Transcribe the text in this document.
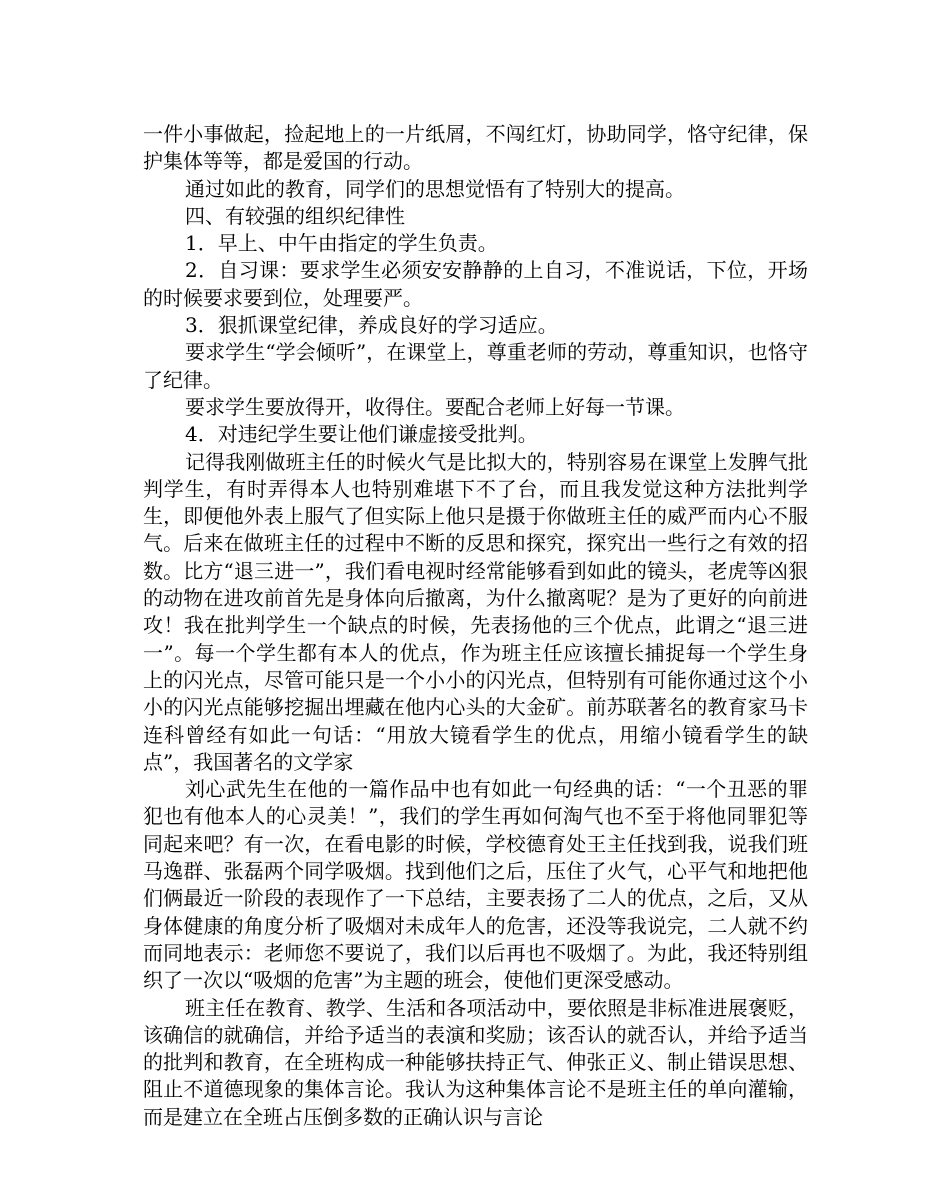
一件小事做起，捡起地上的一片纸屑，不闯红灯，协助同学，恪守纪律，保护集体等等，都是爱国的行动。

通过如此的教育，同学们的思想觉悟有了特别大的提高。

四、有较强的组织纪律性

1．早上、中午由指定的学生负责。

2．自习课：要求学生必须安安静静的上自习，不准说话，下位，开场的时候要求要到位，处理要严。

3．狠抓课堂纪律，养成良好的学习适应。

要求学生“学会倾听”，在课堂上，尊重老师的劳动，尊重知识，也恪守了纪律。

要求学生要放得开，收得住。要配合老师上好每一节课。

4．对违纪学生要让他们谦虚接受批判。

记得我刚做班主任的时候火气是比拟大的，特别容易在课堂上发脾气批判学生，有时弄得本人也特别难堪下不了台，而且我发觉这种方法批判学生，即便他外表上服气了但实际上他只是摄于你做班主任的威严而内心不服气。后来在做班主任的过程中不断的反思和探究，探究出一些行之有效的招数。比方“退三进一”，我们看电视时经常能够看到如此的镜头，老虎等凶狠的动物在进攻前首先是身体向后撤离，为什么撤离呢？是为了更好的向前进攻！我在批判学生一个缺点的时候，先表扬他的三个优点，此谓之“退三进一”。每一个学生都有本人的优点，作为班主任应该擅长捕捉每一个学生身上的闪光点，尽管可能只是一个小小的闪光点，但特别有可能你通过这个小小的闪光点能够挖掘出埋藏在他内心头的大金矿。前苏联著名的教育家马卡连科曾经有如此一句话：“用放大镜看学生的优点，用缩小镜看学生的缺点”，我国著名的文学家

刘心武先生在他的一篇作品中也有如此一句经典的话：“一个丑恶的罪犯也有他本人的心灵美！”，我们的学生再如何淘气也不至于将他同罪犯等同起来吧？有一次，在看电影的时候，学校德育处王主任找到我，说我们班马逸群、张磊两个同学吸烟。找到他们之后，压住了火气，心平气和地把他们俩最近一阶段的表现作了一下总结，主要表扬了二人的优点，之后，又从身体健康的角度分析了吸烟对未成年人的危害，还没等我说完，二人就不约而同地表示：老师您不要说了，我们以后再也不吸烟了。为此，我还特别组织了一次以“吸烟的危害”为主题的班会，使他们更深受感动。

班主任在教育、教学、生活和各项活动中，要依照是非标准进展褒贬，该确信的就确信，并给予适当的表演和奖励；该否认的就否认，并给予适当的批判和教育，在全班构成一种能够扶持正气、伸张正义、制止错误思想、阻止不道德现象的集体言论。我认为这种集体言论不是班主任的单向灌输，而是建立在全班占压倒多数的正确认识与言论
